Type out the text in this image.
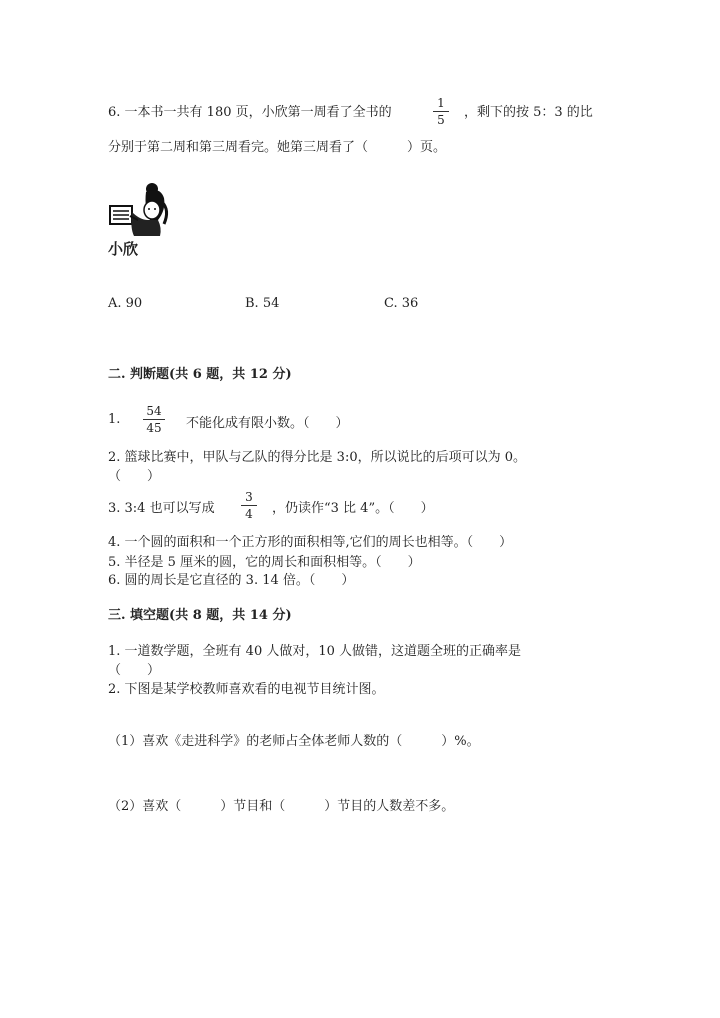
6. 一本书一共有 180 页，小欣第一周看了全书的
1
5	，剩下的按 5：3 的比
分别于第二周和第三周看完。她第三周看了（　　　）页。
小欣
A. 90	B. 54	C. 36
二. 判断题(共 6 题，共 12 分)
1.
54
45 不能化成有限小数。（　　）
2. 篮球比赛中，甲队与乙队的得分比是 3:0，所以说比的后项可以为 0。
（　　）
3. 3:4 也可以写成
3
4	，仍读作“3 比 4”。（　　）
4. 一个圆的面积和一个正方形的面积相等,它们的周长也相等。（　　）
5. 半径是 5 厘米的圆，它的周长和面积相等。（　　）
6. 圆的周长是它直径的 3. 14 倍。（　　）
三. 填空题(共 8 题，共 14 分)
1. 一道数学题，全班有 40 人做对，10 人做错，这道题全班的正确率是
（　　）
2. 下图是某学校教师喜欢看的电视节目统计图。
（1）喜欢《走进科学》的老师占全体老师人数的（　　　）%。
（2）喜欢（　　　）节目和（　　　）节目的人数差不多。
